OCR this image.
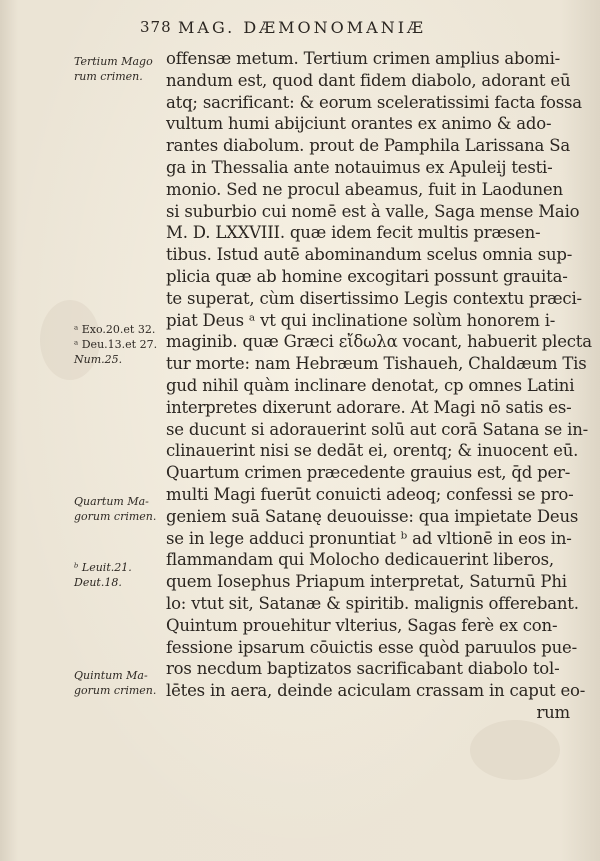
378 MAG. DÆMONOMANIÆ
Tertium Mago
rum crimen.
ᵃ Exo.20.et 32.
ᵃ Deu.13.et 27.
Num.25.
Quartum Ma-
gorum crimen.
ᵇ Leuit.21.
Deut.18.
Quintum Ma-
gorum crimen.
offensæ metum. Tertium crimen amplius abomi-
nandum est, quod dant fidem diabolo, adorant eū
atq; sacrificant: & eorum sceleratissimi facta fossa
vultum humi abijciunt orantes ex animo & ado-
rantes diabolum. prout de Pamphila Larissana Sa
ga in Thessalia ante notauimus ex Apuleij testi-
monio. Sed ne procul abeamus, fuit in Laodunen
si suburbio cui nomē est à valle, Saga mense Maio
M. D. LXXVIII. quæ idem fecit multis præsen-
tibus. Istud autē abominandum scelus omnia sup-
plicia quæ ab homine excogitari possunt grauita-
te superat, cùm disertissimo Legis contextu præci-
piat Deus ᵃ vt qui inclinatione solùm honorem i-
maginib. quæ Græci εἴδωλα vocant, habuerit plecta
tur morte: nam Hebræum Tishaueh, Chaldæum Tis
gud nihil quàm inclinare denotat, cp omnes Latini
interpretes dixerunt adorare. At Magi nō satis es-
se ducunt si adorauerint solū aut corā Satana se in-
clinauerint nisi se dedāt ei, orentq; & inuocent eū.
Quartum crimen præcedente grauius est, q̄d per-
multi Magi fuerūt conuicti adeoq; confessi se pro-
geniem suā Satanę deuouisse: qua impietate Deus
se in lege adduci pronuntiat ᵇ ad vltionē in eos in-
flammandam qui Molocho dedicauerint liberos,
quem Iosephus Priapum interpretat, Saturnū Phi
lo: vtut sit, Satanæ & spiritib. malignis offerebant.
Quintum prouehitur vlterius, Sagas ferè ex con-
fessione ipsarum cōuictis esse quòd paruulos pue-
ros necdum baptizatos sacrificabant diabolo tol-
lētes in aera, deinde aciculam crassam in caput eo-
rum
